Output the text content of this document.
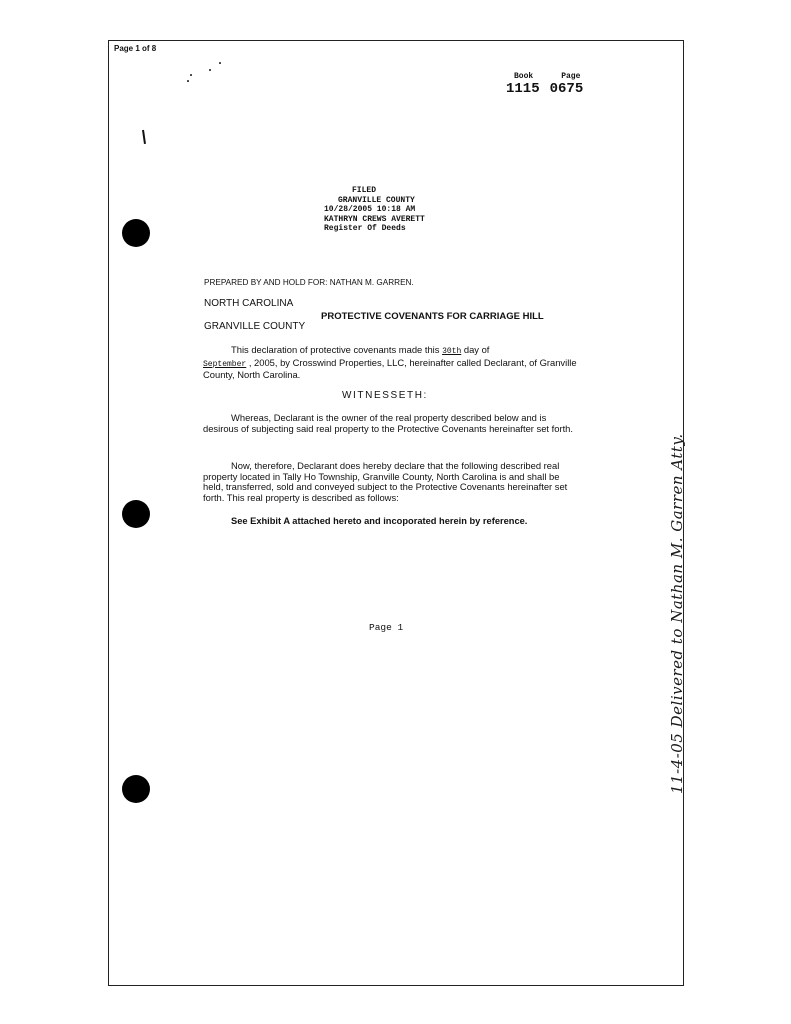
Page 1 of 8
Book	Page
1115 0675
FILED
GRANVILLE COUNTY
10/28/2005 10:18 AM
KATHRYN CREWS AVERETT
Register Of Deeds
PREPARED BY AND HOLD FOR: NATHAN M. GARREN.
NORTH CAROLINA
PROTECTIVE COVENANTS FOR CARRIAGE HILL
GRANVILLE COUNTY
This declaration of protective covenants made this 30th day of
September , 2005, by Crosswind Properties, LLC, hereinafter called Declarant, of Granville County, North Carolina.
WITNESSETH:
Whereas, Declarant is the owner of the real property described below and is desirous of subjecting said real property to the Protective Covenants hereinafter set forth.
Now, therefore, Declarant does hereby declare that the following described real property located in Tally Ho Township, Granville County, North Carolina is and shall be held, transferred, sold and conveyed subject to the Protective Covenants hereinafter set forth. This real property is described as follows:
See Exhibit A attached hereto and incoporated herein by reference.
Page 1	11-4-05 Delivered to Nathan M. Garren Atty.
